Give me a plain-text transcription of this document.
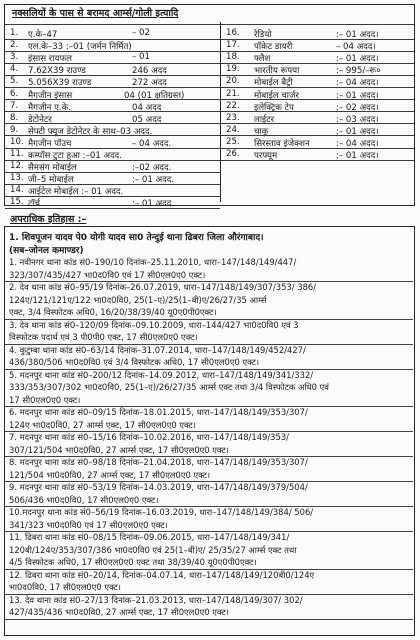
नक्सलियों के पास से बरामद आर्म्स/गोली इत्यादि
अपराधिक इतिहास :–
1. ए.के–47	– 02
2. एल.के–33 :–01 (जर्मन निर्मित)
3. इंसास रायफल	– 01
4. 7.62X39 राउण्ड	246 अदद
5. 5.056X39 राउण्ड	272 अदद
6. मैगजीन इंसास	04 (01 क्षतिग्रस्त)
7. मैगजीन ए.के.	04 अदद
8. डेटोनेटर	05 अदद
9. सेफ्टी फ्यूज डेटोनेटर के साथ–03 अदद.
10. मैगजीन पॉउच	– 04 अदद.
11. कम्पॉस टुटा हुआ :–01 अदद.
12. सैमसंग मोबाईल	:–02 अदद.
13. जी–5 मोबाईल	:– 01 अदद.
14. आईटेल मोबाईल :– 01 अदद.
15. टॉर्च	:– 01 अदद.
16. रेडियो	:– 01 अदद।
17. पॉकेट डायरी	– 04 अदद।
18. फ्लैश	:– 01 अदद।
19. भारतीय रूपया	:– 995/–रू०
20. मोबाईल बैट्री	:– 04 अदद।
21. मोबाईल चार्जर	:– 01 अदद।
22. इलेक्ट्रिक टेप	:– 02 अदद।
23. लाईटर	:– 03 अदद।
24. चाकू	:– 01 अदद।
25. सिरस्ताव इंजेक्शन	:– 04 अदद।
26. परफ्यूम	:– 01 अदद।
1. शिवपूजन यादव पे0 योगी यादव सा0 तेन्दुई थाना ढिबरा जिला औरंगाबाद।
(सब–जोनल कमाण्डर)
1. नवीनगर थाना कांड सं0–190/10 दिनांक–25.11.2010, धारा–147/148/149/447/
323/307/435/427 भा0द0वि0 एवं 17 सी0एल0ए0 एक्ट।
2. देव थाना कांड सं0–95/19 दिनांक–26.07.2019, धारा–147/148/149/307/353/ 386/
124ए/121/121ए/122 भा0द0वि0, 25(1–ए)/25(1–बी)ए/26/27/35 आर्म्स
एक्ट, 3/4 विस्फोटक अधि0, 16/20/38/39/40 यू0ए0पी0एक्ट।
3. देव थाना कांड सं0–120/09 दिनांक–09.10.2009, धारा–144/427 भा0द0वि0 एवं 3
विस्फोटक पदार्थ एवं 3 पी0पी0 एक्ट, 17 सी0एल0ए0 एक्ट।
4. कुटुम्बा थाना कांड सं0–63/14 दिनांक–31.07.2014, धारा–147/148/149/452/427/
436/380/506 भा0द0वि0 एवं 3/4 विस्फोटक अधि0, 17 सी0एल0ए0 एक्ट।
5. मदनपुर थाना कांड सं0–200/12 दिनांक–14.09.2012, धारा–147/148/149/341/332/
333/353/307/302 भा0द0वि0, 25(1–ए)/26/27/35 आर्म्स एक्ट तथा 3/4 विस्फोटक अधि0 एवं
17 सी0एल0ए0 एक्ट।
6. मदनपुर थाना कांड सं0–09/15 दिनांक–18.01.2015, धारा–147/148/149/353/307/
124ए भा0द0वि0, 27 आर्म्स एक्ट, 17 सी0एल0ए0 एक्ट।
7. मदनपुर थाना कांड सं0–15/16 दिनांक–10.02.2016, धारा–147/148/149/353/
307/121/504 भा0द0वि0, 27 आर्म्स एक्ट, 17 सी0एल0ए0 एक्ट।
8. मदनपुर थाना कांड सं0–98/18 दिनांक–21.04.2018, धारा–147/148/149/353/307/
121/504 भा0द0वि0, 27 आर्म्स एक्ट, 17 सी0एल0ए0 एक्ट।
9. मदनपुर थाना कांड सं0–53/19 दिनांक–14.03.2019, धारा–147/148/149/379/504/
506/436 भा0द0वि0, 17 सी0एल0ए0 एक्ट।
10.मदनपुर थाना कांड सं0–56/19 दिनांक–16.03.2019, धारा–147/148/149/384/ 506/
341/323 भा0द0वि0 एवं 17 सी0एल0ए0 एक्ट।
11. ढिबरा थाना कांड सं0–08/15 दिनांक–09.06.2015, धारा–147/148/149/341/
120बी/124ए/353/307/386 भा0द0वि0 एवं 25(1–बी)ए/ 25/35/27 आर्म्स एक्ट तथा
4/5 विस्फोटक अधि0, 17 सी0एल0ए0 एक्ट तथा 38/39/40 यू0ए0पी0एक्ट।
12. ढिबरा थाना कांड सं0–20/14, दिनांक–04.07.14, धारा–147/148/149/120बी0/124ए
भा0द0वि0, 17 सी0एल0ए0 एक्ट।
13. देव थाना कांड सं0–27/13 दिनांक–21.03.2013, धारा–147/148/149/307/ 302/
427/435/436 भा0द0वि0, 27 आर्म्स एक्ट, 17 सी0एल0ए0 एक्ट।
